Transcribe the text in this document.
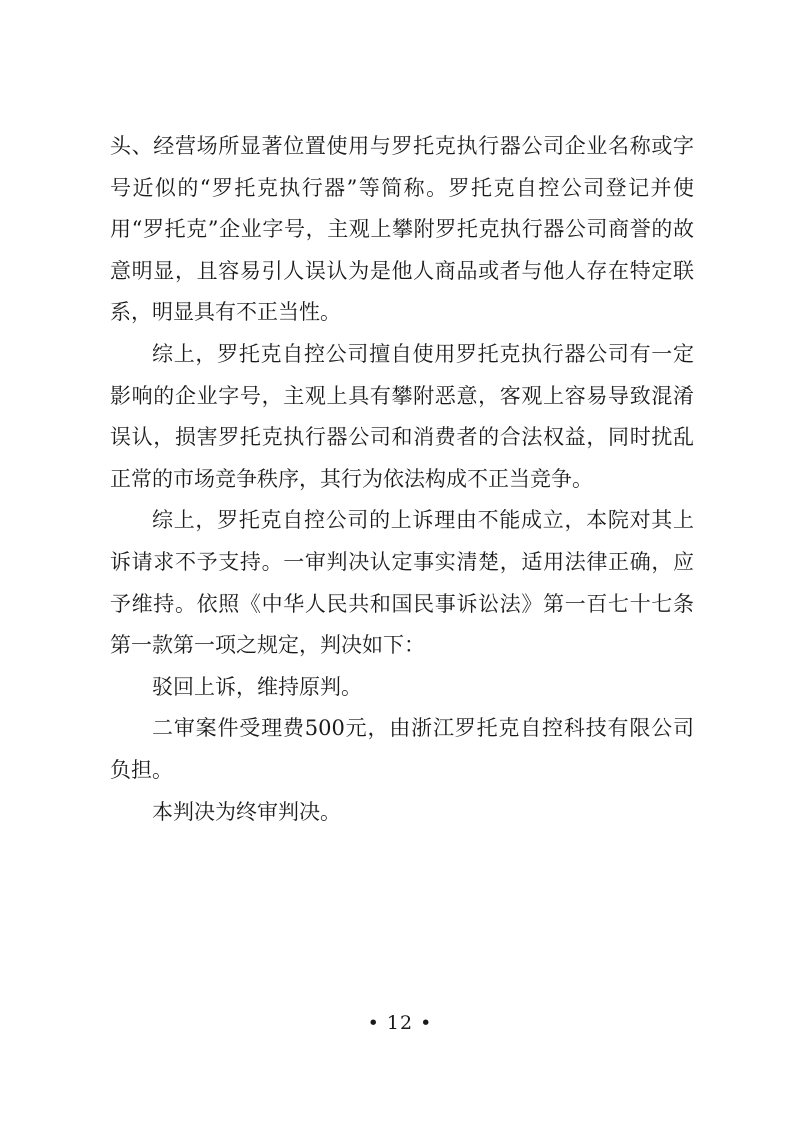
头、经营场所显著位置使用与罗托克执行器公司企业名称或字号近似的“罗托克执行器”等简称。罗托克自控公司登记并使用“罗托克”企业字号，主观上攀附罗托克执行器公司商誉的故意明显，且容易引人误认为是他人商品或者与他人存在特定联系，明显具有不正当性。

综上，罗托克自控公司擅自使用罗托克执行器公司有一定影响的企业字号，主观上具有攀附恶意，客观上容易导致混淆误认，损害罗托克执行器公司和消费者的合法权益，同时扰乱正常的市场竞争秩序，其行为依法构成不正当竞争。

综上，罗托克自控公司的上诉理由不能成立，本院对其上诉请求不予支持。一审判决认定事实清楚，适用法律正确，应予维持。依照《中华人民共和国民事诉讼法》第一百七十七条第一款第一项之规定，判决如下：

驳回上诉，维持原判。

二审案件受理费500元，由浙江罗托克自控科技有限公司负担。

本判决为终审判决。

• 12 •
